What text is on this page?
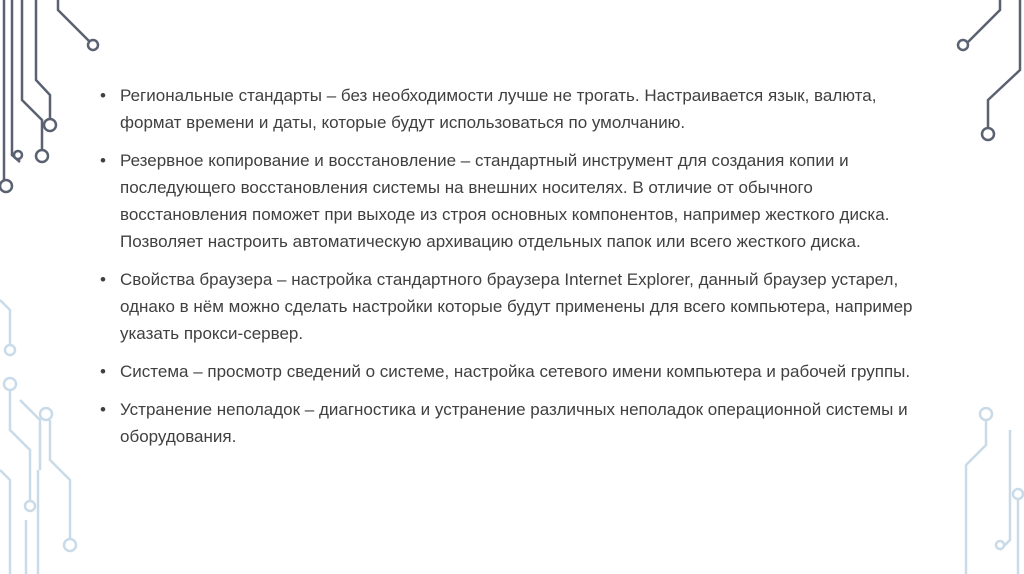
• Региональные стандарты – без необходимости лучше не трогать. Настраивается язык, валюта, формат времени и даты, которые будут использоваться по умолчанию.
• Резервное копирование и восстановление – стандартный инструмент для создания копии и последующего восстановления системы на внешних носителях. В отличие от обычного восстановления поможет при выходе из строя основных компонентов, например жесткого диска. Позволяет настроить автоматическую архивацию отдельных папок или всего жесткого диска.
• Свойства браузера – настройка стандартного браузера Internet Explorer, данный браузер устарел, однако в нём можно сделать настройки которые будут применены для всего компьютера, например указать прокси-сервер.
• Система – просмотр сведений о системе, настройка сетевого имени компьютера и рабочей группы.
• Устранение неполадок – диагностика и устранение различных неполадок операционной системы и оборудования.
